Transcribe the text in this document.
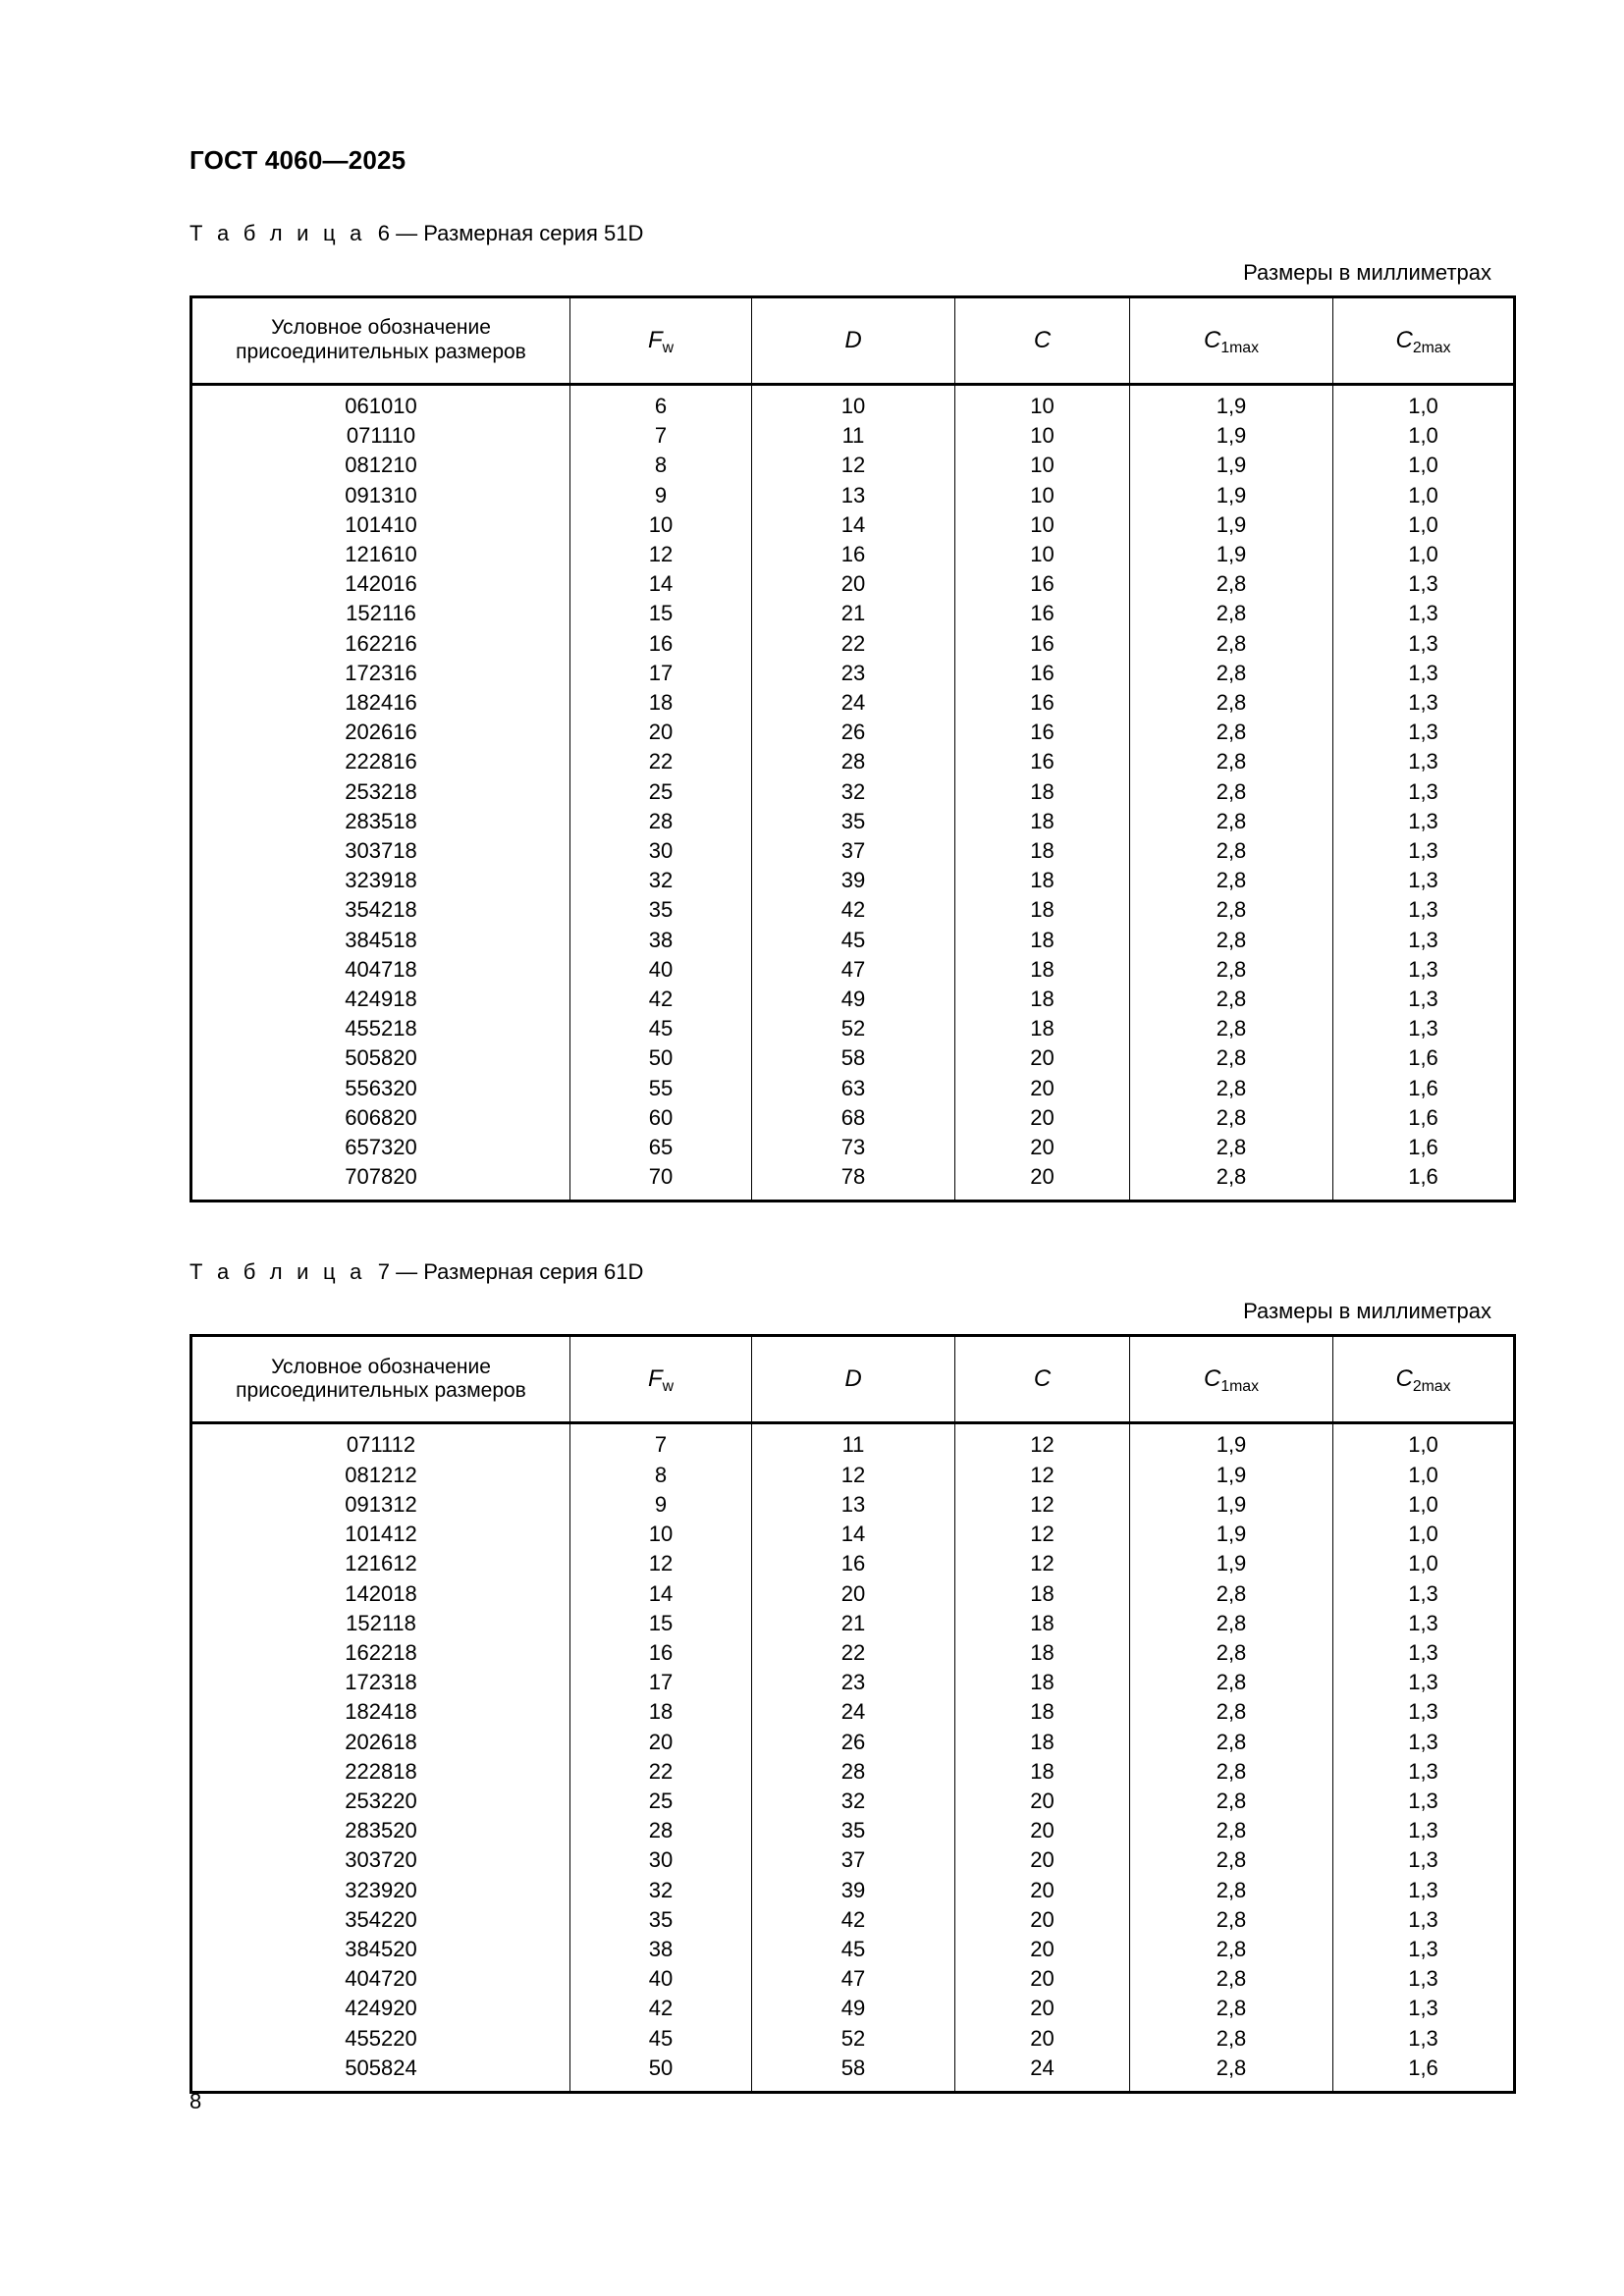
ГОСТ 4060—2025
Т а б л и ц а 6 — Размерная серия 51D
Размеры в миллиметрах
Условное обозначение
присоединительных размеров	$F_w$	D	C	$C_{1max}$	$C_{2max}$
061010	6	10	10	1,9	1,0
071110	7	11	10	1,9	1,0
081210	8	12	10	1,9	1,0
091310	9	13	10	1,9	1,0
101410	10	14	10	1,9	1,0
121610	12	16	10	1,9	1,0
142016	14	20	16	2,8	1,3
152116	15	21	16	2,8	1,3
162216	16	22	16	2,8	1,3
172316	17	23	16	2,8	1,3
182416	18	24	16	2,8	1,3
202616	20	26	16	2,8	1,3
222816	22	28	16	2,8	1,3
253218	25	32	18	2,8	1,3
283518	28	35	18	2,8	1,3
303718	30	37	18	2,8	1,3
323918	32	39	18	2,8	1,3
354218	35	42	18	2,8	1,3
384518	38	45	18	2,8	1,3
404718	40	47	18	2,8	1,3
424918	42	49	18	2,8	1,3
455218	45	52	18	2,8	1,3
505820	50	58	20	2,8	1,6
556320	55	63	20	2,8	1,6
606820	60	68	20	2,8	1,6
657320	65	73	20	2,8	1,6
707820	70	78	20	2,8	1,6
Т а б л и ц а 7 — Размерная серия 61D
Размеры в миллиметрах
Условное обозначение
присоединительных размеров	$F_w$	D	C	$C_{1max}$	$C_{2max}$
071112	7	11	12	1,9	1,0
081212	8	12	12	1,9	1,0
091312	9	13	12	1,9	1,0
101412	10	14	12	1,9	1,0
121612	12	16	12	1,9	1,0
142018	14	20	18	2,8	1,3
152118	15	21	18	2,8	1,3
162218	16	22	18	2,8	1,3
172318	17	23	18	2,8	1,3
182418	18	24	18	2,8	1,3
202618	20	26	18	2,8	1,3
222818	22	28	18	2,8	1,3
253220	25	32	20	2,8	1,3
283520	28	35	20	2,8	1,3
303720	30	37	20	2,8	1,3
323920	32	39	20	2,8	1,3
354220	35	42	20	2,8	1,3
384520	38	45	20	2,8	1,3
404720	40	47	20	2,8	1,3
424920	42	49	20	2,8	1,3
455220	45	52	20	2,8	1,3
505824	50	58	24	2,8	1,6
8
